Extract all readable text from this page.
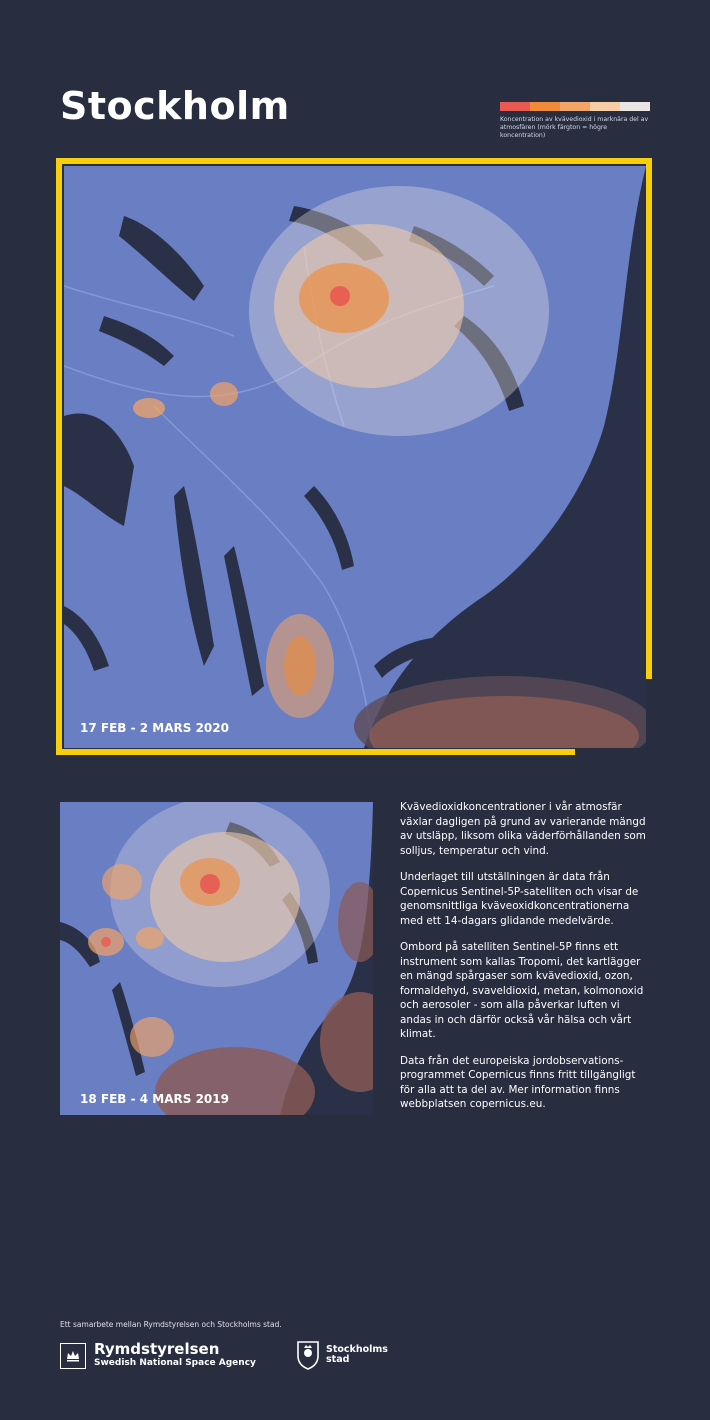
Stockholm	Koncentration av kvävedioxid i marknära del av
atmosfären (mörk färgton = högre koncentration)
17 FEB - 2 MARS 2020
18 FEB - 4 MARS 2019

Kvävedioxidkoncentrationer i vår atmosfär växlar dagligen på grund av varierande mängd av utsläpp, liksom olika väderförhållanden som solljus, temperatur och vind.

Underlaget till utställningen är data från Copernicus Sentinel-5P-satelliten och visar de genomsnittliga kväveoxidkoncentrationerna med ett 14-dagars glidande medelvärde.

Ombord på satelliten Sentinel-5P finns ett instrument som kallas Tropomi, det kartlägger en mängd spårgaser som kvävedioxid, ozon, formaldehyd, svaveldioxid, metan, kolmonoxid och aerosoler - som alla påverkar luften vi andas in och därför också vår hälsa och vårt klimat.

Data från det europeiska jordobservations-programmet Copernicus finns fritt tillgängligt för alla att ta del av. Mer information finns webbplatsen copernicus.eu.

Ett samarbete mellan Rymdstyrelsen och Stockholms stad.
Rymdstyrelsen
Swedish National Space Agency
Stockholms
stad
